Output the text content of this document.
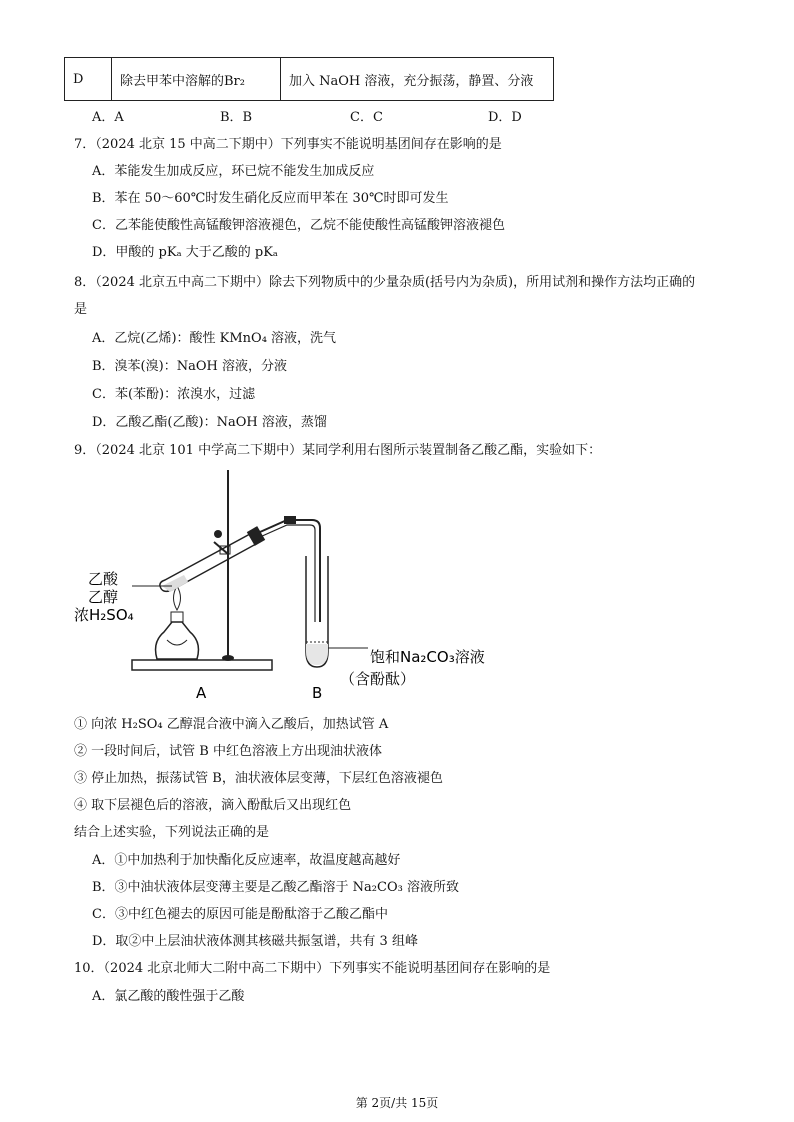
D	除去甲苯中溶解的Br₂	加入 NaOH 溶液，充分振荡，静置、分液
A．A	B．B	C．C	D．D
7．（2024 北京 15 中高二下期中）下列事实不能说明基团间存在影响的是
A．苯能发生加成反应，环已烷不能发生加成反应
B．苯在 50～60℃时发生硝化反应而甲苯在 30℃时即可发生
C．乙苯能使酸性高锰酸钾溶液褪色，乙烷不能使酸性高锰酸钾溶液褪色
D．甲酸的 pKₐ 大于乙酸的 pKₐ
8．（2024 北京五中高二下期中）除去下列物质中的少量杂质(括号内为杂质)，所用试剂和操作方法均正确的
是
A．乙烷(乙烯)：酸性 KMnO₄ 溶液，洗气
B．溴苯(溴)：NaOH 溶液，分液
C．苯(苯酚)：浓溴水，过滤
D．乙酸乙酯(乙酸)：NaOH 溶液，蒸馏
9．（2024 北京 101 中学高二下期中）某同学利用右图所示装置制备乙酸乙酯，实验如下：
乙酸
乙醇
浓H₂SO₄
饱和Na₂CO₃溶液
（含酚酞）
A	B
① 向浓 H₂SO₄ 乙醇混合液中滴入乙酸后，加热试管 A
② 一段时间后，试管 B 中红色溶液上方出现油状液体
③ 停止加热，振荡试管 B，油状液体层变薄，下层红色溶液褪色
④ 取下层褪色后的溶液，滴入酚酞后又出现红色
结合上述实验，下列说法正确的是
A．①中加热利于加快酯化反应速率，故温度越高越好
B．③中油状液体层变薄主要是乙酸乙酯溶于 Na₂CO₃ 溶液所致
C．③中红色褪去的原因可能是酚酞溶于乙酸乙酯中
D．取②中上层油状液体测其核磁共振氢谱，共有 3 组峰
10．（2024 北京北师大二附中高二下期中）下列事实不能说明基团间存在影响的是
A．氯乙酸的酸性强于乙酸
第 2页/共 15页
